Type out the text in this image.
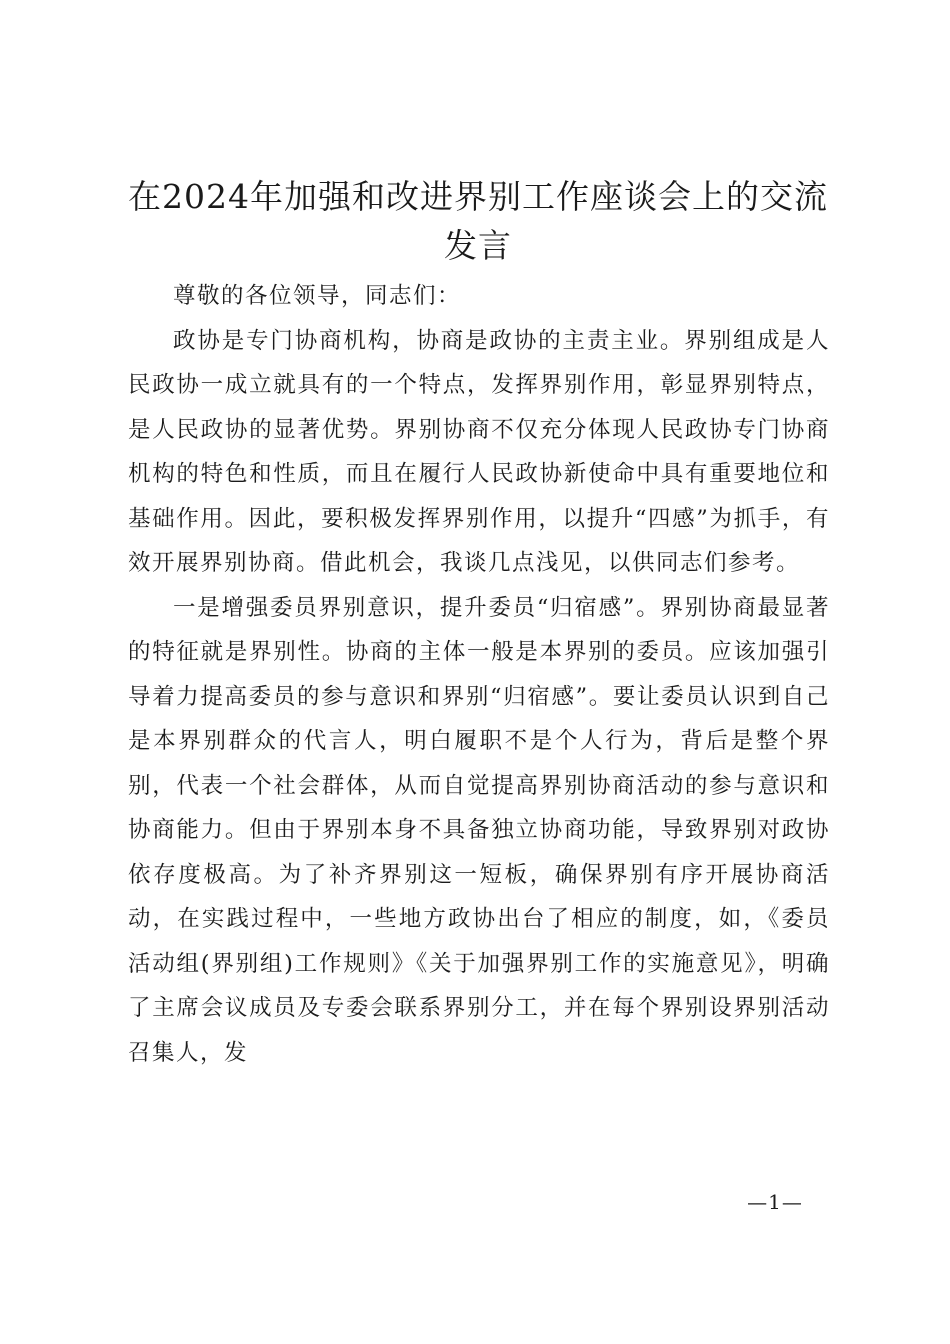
在2024年加强和改进界别工作座谈会上的交流发言

尊敬的各位领导，同志们：

政协是专门协商机构，协商是政协的主责主业。界别组成是人民政协一成立就具有的一个特点，发挥界别作用，彰显界别特点，是人民政协的显著优势。界别协商不仅充分体现人民政协专门协商机构的特色和性质，而且在履行人民政协新使命中具有重要地位和基础作用。因此，要积极发挥界别作用，以提升“四感”为抓手，有效开展界别协商。借此机会，我谈几点浅见，以供同志们参考。

一是增强委员界别意识，提升委员“归宿感”。界别协商最显著的特征就是界别性。协商的主体一般是本界别的委员。应该加强引导着力提高委员的参与意识和界别“归宿感”。要让委员认识到自己是本界别群众的代言人，明白履职不是个人行为，背后是整个界别，代表一个社会群体，从而自觉提高界别协商活动的参与意识和协商能力。但由于界别本身不具备独立协商功能，导致界别对政协依存度极高。为了补齐界别这一短板，确保界别有序开展协商活动，在实践过程中，一些地方政协出台了相应的制度，如，《委员活动组(界别组)工作规则》《关于加强界别工作的实施意见》，明确了主席会议成员及专委会联系界别分工，并在每个界别设界别活动召集人，发

—1—
